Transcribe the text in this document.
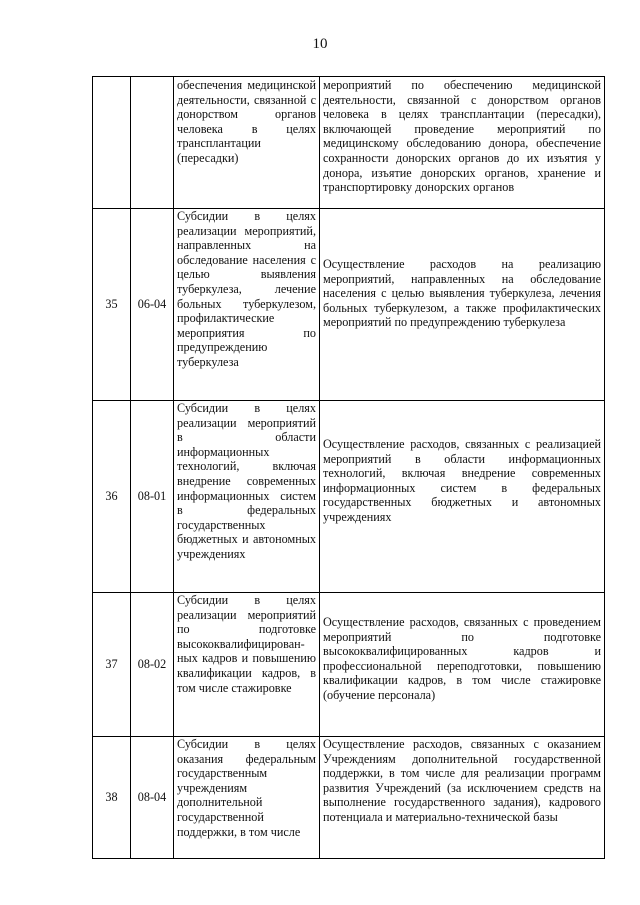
10
		обеспечения медицинской деятельности, связанной с донорством органов человека в целях трансплантации (пересадки)	мероприятий по обеспечению медицинской деятельности, связанной с донорством органов человека в целях трансплантации (пересадки), включающей проведение мероприятий по медицинскому обследованию донора, обеспечение сохранности донорских органов до их изъятия у донора, изъятие донорских органов, хранение и транспортировку донорских органов
35	06-04	Субсидии в целях реализации мероприятий, направленных на обследование населения с целью выявления туберкулеза, лечение больных туберкулезом, профилактические мероприятия по предупреждению туберкулеза	Осуществление расходов на реализацию мероприятий, направленных на обследование населения с целью выявления туберкулеза, лечения больных туберкулезом, а также профилактических мероприятий по предупреждению туберкулеза
36	08-01	Субсидии в целях реализации мероприятий в области информационных технологий, включая внедрение современных информационных систем в федеральных государственных бюджетных и автономных учреждениях	Осуществление расходов, связанных с реализацией мероприятий в области информационных технологий, включая внедрение современных информационных систем в федеральных государственных бюджетных и автономных учреждениях
37	08-02	Субсидии в целях реализации мероприятий по подготовке высококвалифицирован-ных кадров и повышению квалификации кадров, в том числе стажировке	Осуществление расходов, связанных с проведением мероприятий по подготовке высококвалифицированных кадров и профессиональной переподготовки, повышению квалификации кадров, в том числе стажировке (обучение персонала)
38	08-04	Субсидии в целях оказания федеральным государственным учреждениям дополнительной государственной поддержки, в том числе	Осуществление расходов, связанных с оказанием Учреждениям дополнительной государственной поддержки, в том числе для реализации программ развития Учреждений (за исключением средств на выполнение государственного задания), кадрового потенциала и материально-технической базы
